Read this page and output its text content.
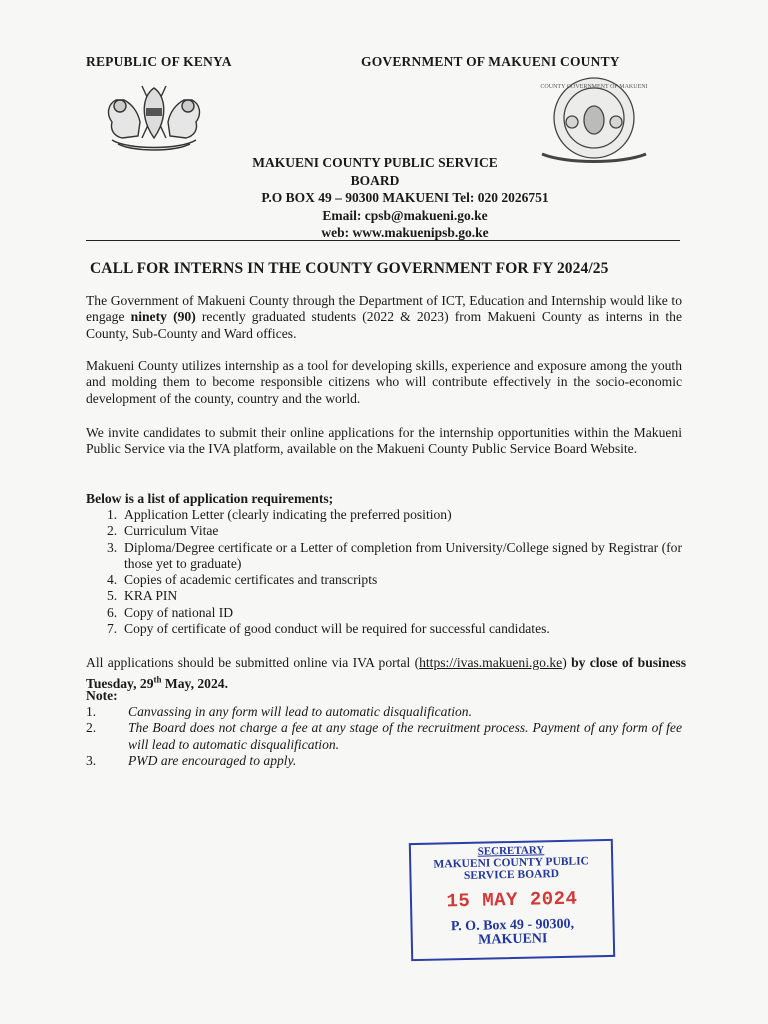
REPUBLIC OF KENYA	GOVERNMENT OF MAKUENI COUNTY
COUNTY GOVERNMENT OF MAKUENI
MAKUENI COUNTY PUBLIC SERVICE
BOARD
P.O BOX 49 – 90300 MAKUENI Tel: 020 2026751
Email: cpsb@makueni.go.ke
web: www.makuenipsb.go.ke
CALL FOR INTERNS IN THE COUNTY GOVERNMENT FOR FY 2024/25
The Government of Makueni County through the Department of ICT, Education and Internship would like to engage ninety (90) recently graduated students (2022 & 2023) from Makueni County as interns in the County, Sub-County and Ward offices.
Makueni County utilizes internship as a tool for developing skills, experience and exposure among the youth and molding them to become responsible citizens who will contribute effectively in the socio-economic development of the county, country and the world.
We invite candidates to submit their online applications for the internship opportunities within the Makueni Public Service via the IVA platform, available on the Makueni County Public Service Board Website.
Below is a list of application requirements;
1. Application Letter (clearly indicating the preferred position)
2. Curriculum Vitae
3. Diploma/Degree certificate or a Letter of completion from University/College signed by Registrar (for those yet to graduate)
4. Copies of academic certificates and transcripts
5. KRA PIN
6. Copy of national ID
7. Copy of certificate of good conduct will be required for successful candidates.
All applications should be submitted online via IVA portal (https://ivas.makueni.go.ke) by close of business Tuesday, 29th May, 2024.
Note:
1. Canvassing in any form will lead to automatic disqualification.
2. The Board does not charge a fee at any stage of the recruitment process. Payment of any form of fee will lead to automatic disqualification.
3. PWD are encouraged to apply.
SECRETARY
MAKUENI COUNTY PUBLIC
SERVICE BOARD
15 MAY 2024
P. O. Box 49 - 90300,
MAKUENI
